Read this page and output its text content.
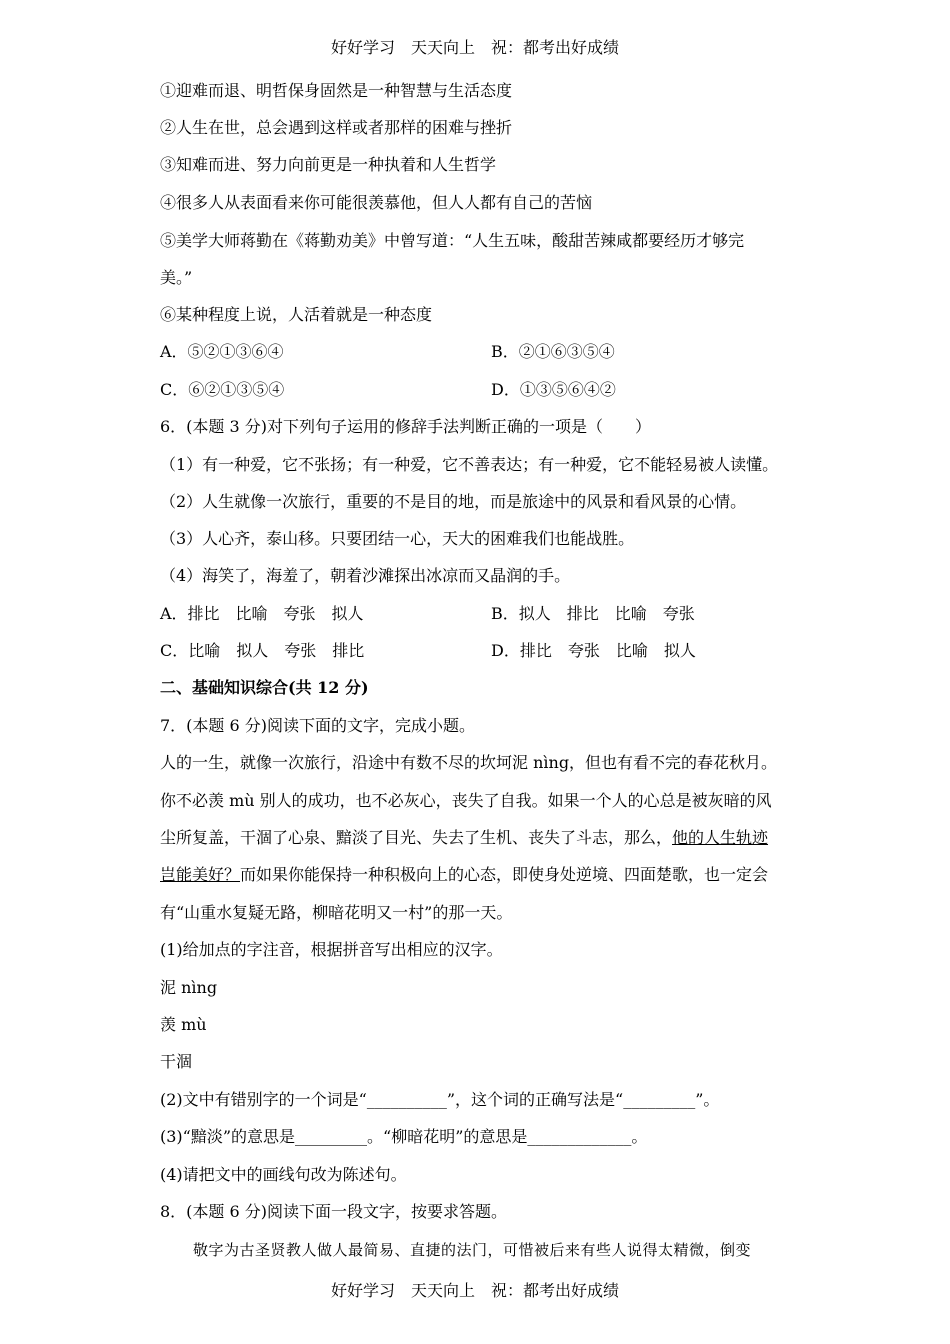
好好学习 天天向上 祝：都考出好成绩
①迎难而退、明哲保身固然是一种智慧与生活态度
②人生在世，总会遇到这样或者那样的困难与挫折
③知难而进、努力向前更是一种执着和人生哲学
④很多人从表面看来你可能很羡慕他，但人人都有自己的苦恼
⑤美学大师蒋勤在《蒋勤劝美》中曾写道：“人生五味，酸甜苦辣咸都要经历才够完
美。”
⑥某种程度上说，人活着就是一种态度
A．⑤②①③⑥④	B．②①⑥③⑤④
C．⑥②①③⑤④	D．①③⑤⑥④②
6．(本题 3 分)对下列句子运用的修辞手法判断正确的一项是（　　）
（1）有一种爱，它不张扬；有一种爱，它不善表达；有一种爱，它不能轻易被人读懂。
（2）人生就像一次旅行，重要的不是目的地，而是旅途中的风景和看风景的心情。
（3）人心齐，泰山移。只要团结一心，天大的困难我们也能战胜。
（4）海笑了，海羞了，朝着沙滩探出冰凉而又晶润的手。
A．排比　比喻　夸张　拟人	B．拟人　排比　比喻　夸张
C．比喻　拟人　夸张　排比	D．排比　夸张　比喻　拟人
二、基础知识综合(共 12 分)
7．(本题 6 分)阅读下面的文字，完成小题。
人的一生，就像一次旅行，沿途中有数不尽的坎坷泥 nìng，但也有看不完的春花秋月。
你不必羡 mù 别人的成功，也不必灰心，丧失了自我。如果一个人的心总是被灰暗的风
尘所复盖，干涸了心泉、黯淡了目光、失去了生机、丧失了斗志，那么，他的人生轨迹
岂能美好？而如果你能保持一种积极向上的心态，即使身处逆境、四面楚歌，也一定会
有“山重水复疑无路，柳暗花明又一村”的那一天。
(1)给加点的字注音，根据拼音写出相应的汉字。
泥 nìng
羡 mù
干涸
(2)文中有错别字的一个词是“__________”，这个词的正确写法是“_________”。
(3)“黯淡”的意思是_________。“柳暗花明”的意思是_____________。
(4)请把文中的画线句改为陈述句。
8．(本题 6 分)阅读下面一段文字，按要求答题。
敬字为古圣贤教人做人最简易、直捷的法门，可惜被后来有些人说得太精微，倒变
好好学习 天天向上 祝：都考出好成绩
